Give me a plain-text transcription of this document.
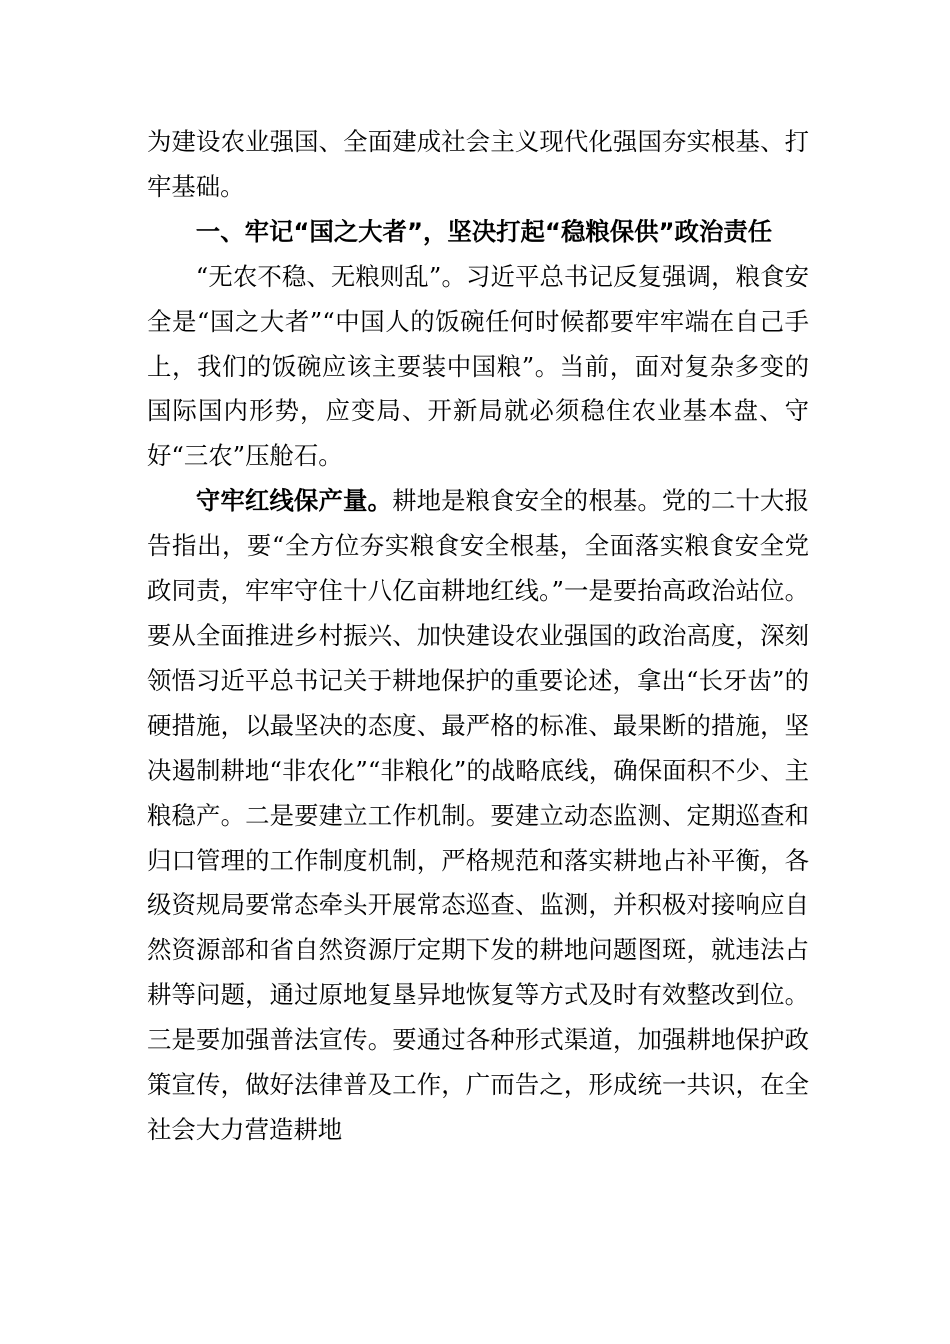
为建设农业强国、全面建成社会主义现代化强国夯实根基、打牢基础。

一、牢记“国之大者”，坚决打起“稳粮保供”政治责任

“无农不稳、无粮则乱”。习近平总书记反复强调，粮食安全是“国之大者”“中国人的饭碗任何时候都要牢牢端在自己手上，我们的饭碗应该主要装中国粮”。当前，面对复杂多变的国际国内形势，应变局、开新局就必须稳住农业基本盘、守好“三农”压舱石。

守牢红线保产量。耕地是粮食安全的根基。党的二十大报告指出，要“全方位夯实粮食安全根基，全面落实粮食安全党政同责，牢牢守住十八亿亩耕地红线。”一是要抬高政治站位。要从全面推进乡村振兴、加快建设农业强国的政治高度，深刻领悟习近平总书记关于耕地保护的重要论述，拿出“长牙齿”的硬措施，以最坚决的态度、最严格的标准、最果断的措施，坚决遏制耕地“非农化”“非粮化”的战略底线，确保面积不少、主粮稳产。二是要建立工作机制。要建立动态监测、定期巡查和归口管理的工作制度机制，严格规范和落实耕地占补平衡，各级资规局要常态牵头开展常态巡查、监测，并积极对接响应自然资源部和省自然资源厅定期下发的耕地问题图斑，就违法占耕等问题，通过原地复垦异地恢复等方式及时有效整改到位。三是要加强普法宣传。要通过各种形式渠道，加强耕地保护政策宣传，做好法律普及工作，广而告之，形成统一共识，在全社会大力营造耕地
